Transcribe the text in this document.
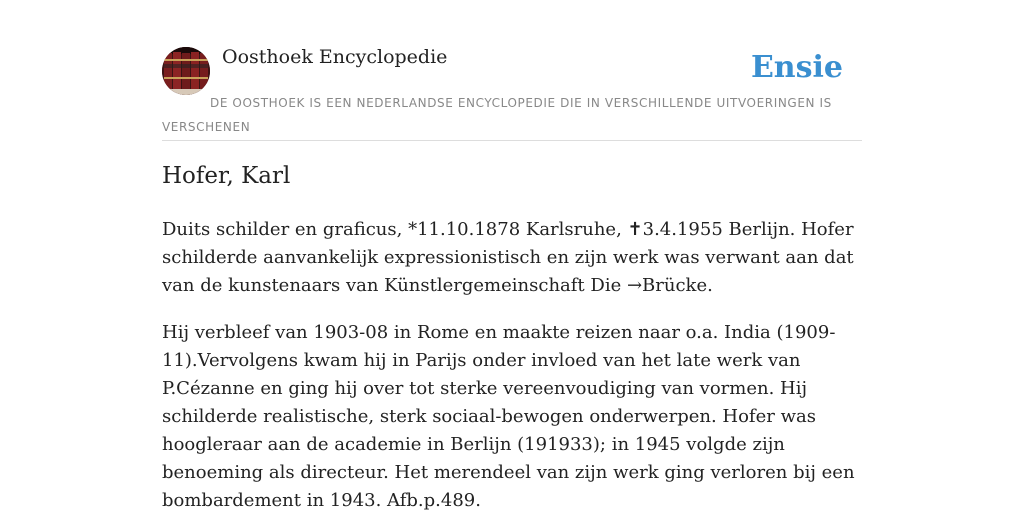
Oosthoek Encyclopedie	Ensie
DE OOSTHOEK IS EEN NEDERLANDSE ENCYCLOPEDIE DIE IN VERSCHILLENDE UITVOERINGEN IS VERSCHENEN
Hofer, Karl

Duits schilder en graficus, *11.10.1878 Karlsruhe, ✝3.4.1955 Berlijn. Hofer schilderde aanvankelijk expressionistisch en zijn werk was verwant aan dat van de kunstenaars van Künstlergemeinschaft Die →Brücke.

Hij verbleef van 1903-08 in Rome en maakte reizen naar o.a. India (1909-11).Vervolgens kwam hij in Parijs onder invloed van het late werk van P.Cézanne en ging hij over tot sterke vereenvoudiging van vormen. Hij schilderde realistische, sterk sociaal-bewogen onderwerpen. Hofer was hoogleraar aan de academie in Berlijn (191933); in 1945 volgde zijn benoeming als directeur. Het merendeel van zijn werk ging verloren bij een bombardement in 1943. Afb.p.489.
